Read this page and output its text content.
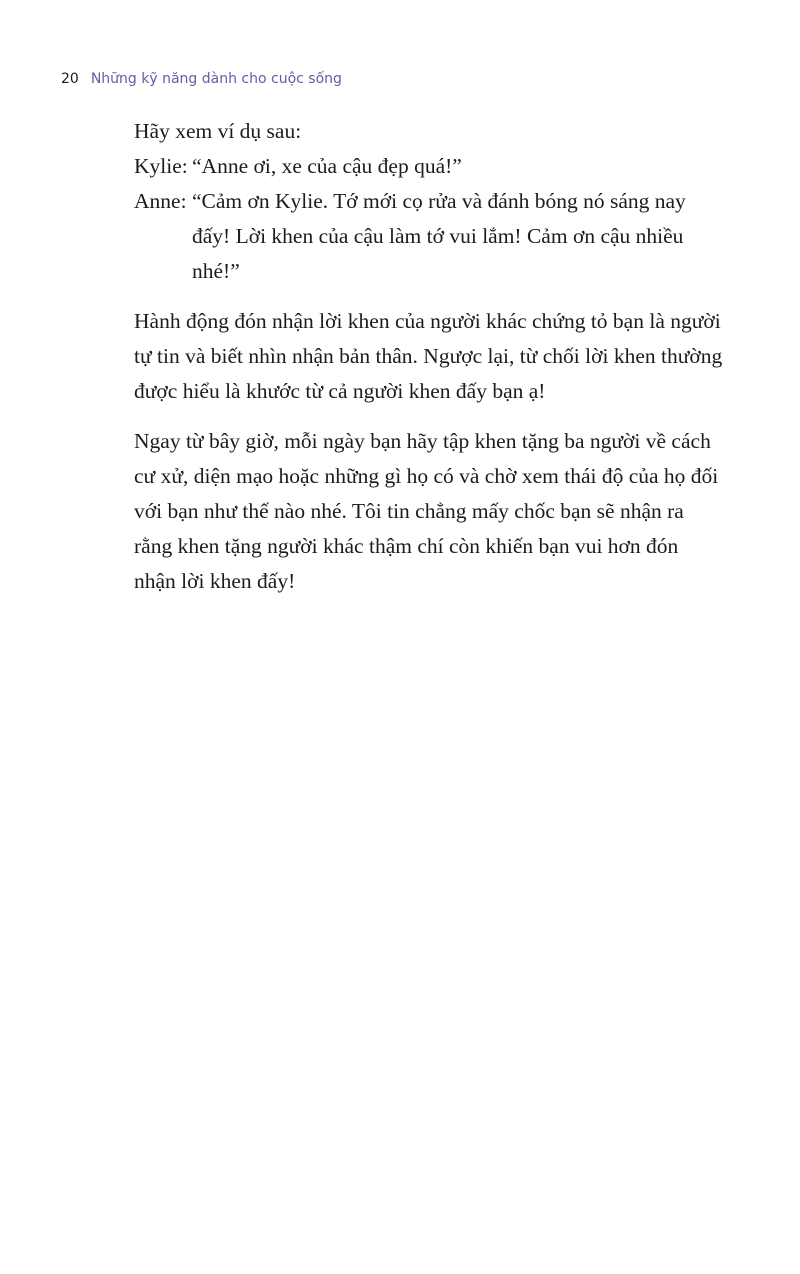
20 Những kỹ năng dành cho cuộc sống

Hãy xem ví dụ sau:

Kylie: “Anne ơi, xe của cậu đẹp quá!”
Anne: “Cảm ơn Kylie. Tớ mới cọ rửa và đánh bóng nó sáng nay đấy! Lời khen của cậu làm tớ vui lắm! Cảm ơn cậu nhiều nhé!”

Hành động đón nhận lời khen của người khác chứng tỏ bạn là người tự tin và biết nhìn nhận bản thân. Ngược lại, từ chối lời khen thường được hiểu là khước từ cả người khen đấy bạn ạ!

Ngay từ bây giờ, mỗi ngày bạn hãy tập khen tặng ba người về cách cư xử, diện mạo hoặc những gì họ có và chờ xem thái độ của họ đối với bạn như thế nào nhé. Tôi tin chẳng mấy chốc bạn sẽ nhận ra rằng khen tặng người khác thậm chí còn khiến bạn vui hơn đón nhận lời khen đấy!
